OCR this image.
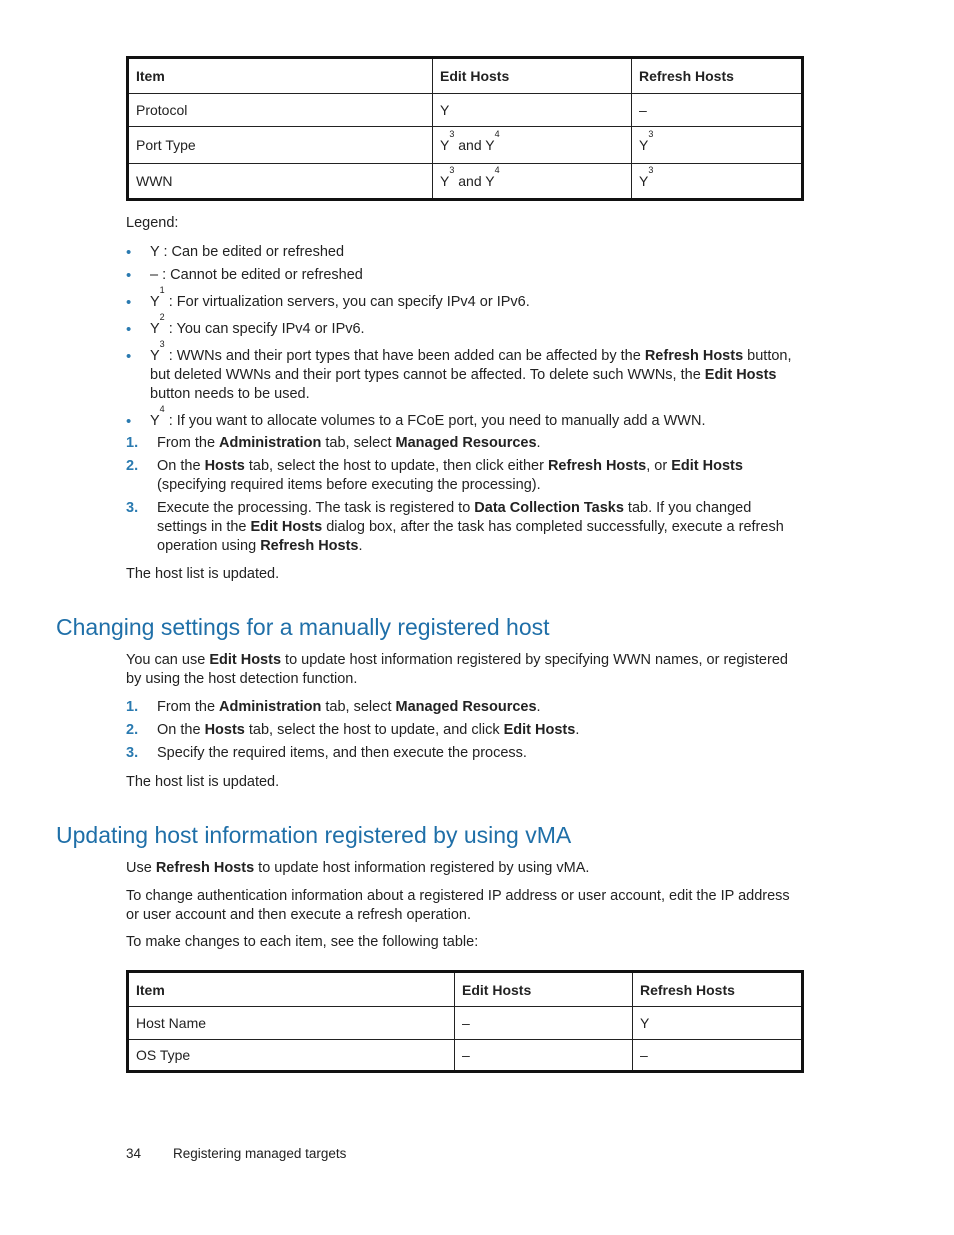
Item	Edit Hosts	Refresh Hosts
Protocol	Y	–
Port Type	$Y^3$ and $Y^4$	$Y^3$
WWN	$Y^3$ and $Y^4$	$Y^3$
Legend:
• Y : Can be edited or refreshed
• – : Cannot be edited or refreshed
• $Y^1$ : For virtualization servers, you can specify IPv4 or IPv6.
• $Y^2$ : You can specify IPv4 or IPv6.
• $Y^3$ : WWNs and their port types that have been added can be affected by the Refresh Hosts button, but deleted WWNs and their port types cannot be affected. To delete such WWNs, the Edit Hosts button needs to be used.
• $Y^4$ : If you want to allocate volumes to a FCoE port, you need to manually add a WWN.
1. From the Administration tab, select Managed Resources.
2. On the Hosts tab, select the host to update, then click either Refresh Hosts, or Edit Hosts (specifying required items before executing the processing).
3. Execute the processing. The task is registered to Data Collection Tasks tab. If you changed settings in the Edit Hosts dialog box, after the task has completed successfully, execute a refresh operation using Refresh Hosts.
The host list is updated.
Changing settings for a manually registered host
You can use Edit Hosts to update host information registered by specifying WWN names, or registered by using the host detection function.
1. From the Administration tab, select Managed Resources.
2. On the Hosts tab, select the host to update, and click Edit Hosts.
3. Specify the required items, and then execute the process.
The host list is updated.
Updating host information registered by using vMA
Use Refresh Hosts to update host information registered by using vMA.
To change authentication information about a registered IP address or user account, edit the IP address or user account and then execute a refresh operation.
To make changes to each item, see the following table:
Item	Edit Hosts	Refresh Hosts
Host Name	–	Y
OS Type	–	–
34 Registering managed targets
